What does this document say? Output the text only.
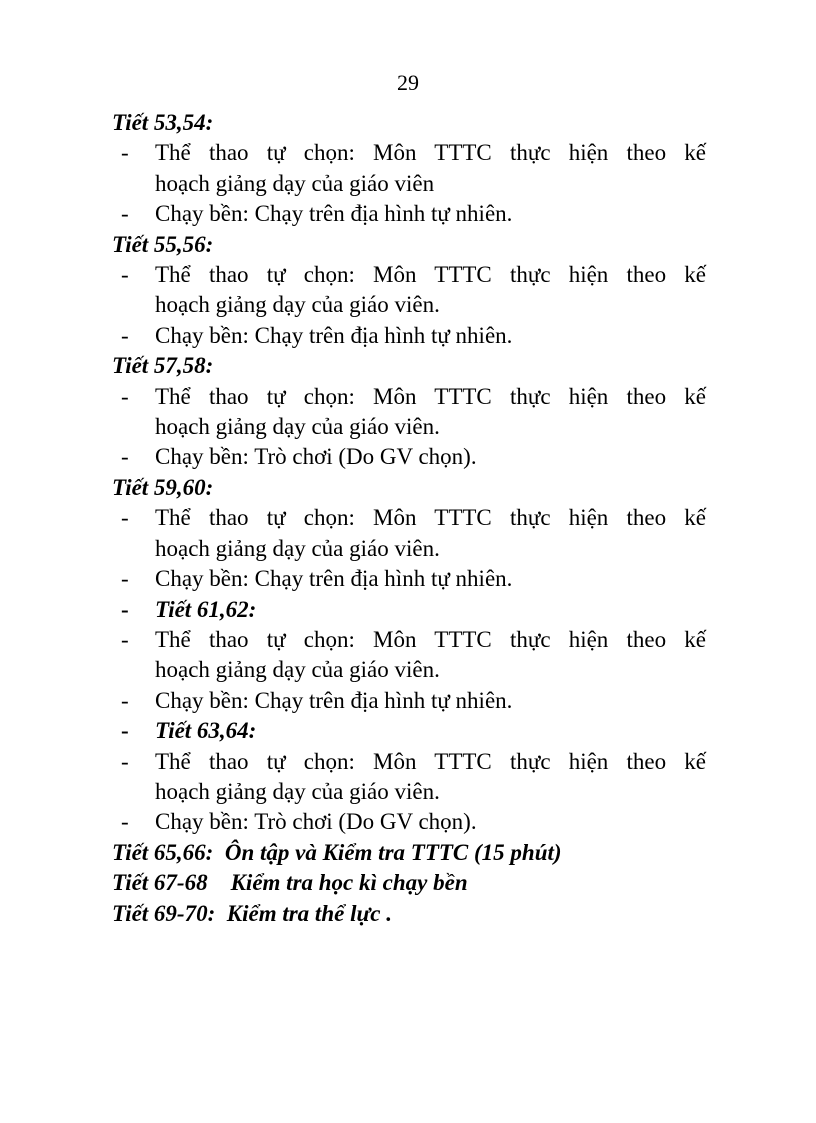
29
Tiết 53,54:
- Thể thao tự chọn: Môn TTTC thực hiện theo kế
hoạch giảng dạy của giáo viên
- Chạy bền: Chạy trên địa hình tự nhiên.
Tiết 55,56:
- Thể thao tự chọn: Môn TTTC thực hiện theo kế
hoạch giảng dạy của giáo viên.
- Chạy bền: Chạy trên địa hình tự nhiên.
Tiết 57,58:
- Thể thao tự chọn: Môn TTTC thực hiện theo kế
hoạch giảng dạy của giáo viên.
- Chạy bền: Trò chơi (Do GV chọn).
Tiết 59,60:
- Thể thao tự chọn: Môn TTTC thực hiện theo kế
hoạch giảng dạy của giáo viên.
- Chạy bền: Chạy trên địa hình tự nhiên.
- Tiết 61,62:
- Thể thao tự chọn: Môn TTTC thực hiện theo kế
hoạch giảng dạy của giáo viên.
- Chạy bền: Chạy trên địa hình tự nhiên.
- Tiết 63,64:
- Thể thao tự chọn: Môn TTTC thực hiện theo kế
hoạch giảng dạy của giáo viên.
- Chạy bền: Trò chơi (Do GV chọn).
Tiết 65,66:  Ôn tập và Kiểm tra TTTC (15 phút)
Tiết 67-68    Kiểm tra học kì chạy bền
Tiết 69-70:  Kiểm tra thể lực .
